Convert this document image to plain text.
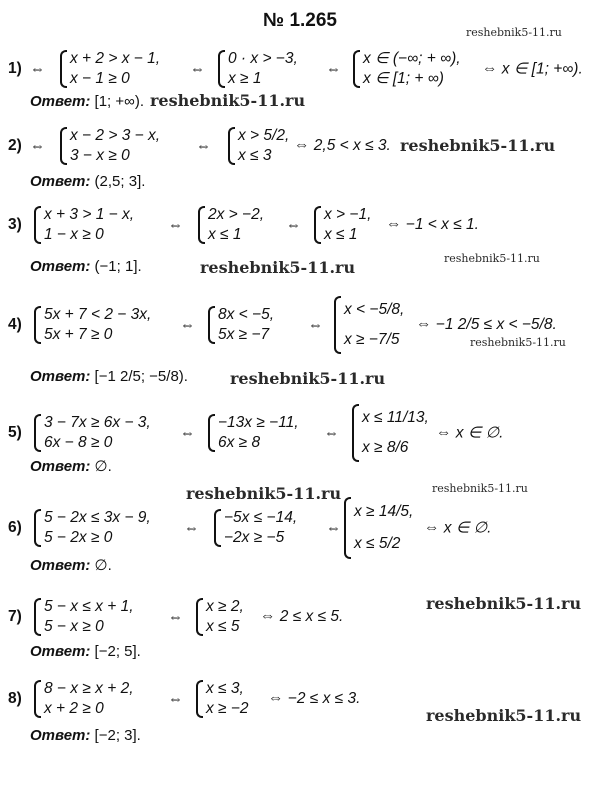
№ 1.265
1) ⇔
x + 2 > x − 1,
x − 1 ≥ 0
⇔
0 · x > −3,
x ≥ 1
⇔
x ∈ (−∞; + ∞),
x ∈ [1; + ∞)
⇔ x ∈ [1; +∞).
Ответ: [1; +∞).
2) ⇔
x − 2 > 3 − x,
3 − x ≥ 0
⇔
x > 5/2,
x ≤ 3
⇔ 2,5 < x ≤ 3.
Ответ: (2,5; 3].
3)
x + 3 > 1 − x,
1 − x ≥ 0
⇔
2x > −2,
x ≤ 1
⇔
x > −1,
x ≤ 1
⇔ −1 < x ≤ 1.
Ответ: (−1; 1].
4)
5x + 7 < 2 − 3x,
5x + 7 ≥ 0
⇔
8x < −5,
5x ≥ −7
⇔
x < −5/8,
x ≥ −7/5
⇔ −1 2/5 ≤ x < −5/8.
Ответ: [−1 2/5; −5/8).
5)
3 − 7x ≥ 6x − 3,
6x − 8 ≥ 0
⇔
−13x ≥ −11,
6x ≥ 8
⇔
x ≤ 11/13,
x ≥ 8/6
⇔ x ∈ ∅.
Ответ: ∅.
6)
5 − 2x ≤ 3x − 9,
5 − 2x ≥ 0
⇔
−5x ≤ −14,
−2x ≥ −5
⇔
x ≥ 14/5,
x ≤ 5/2
⇔ x ∈ ∅.
Ответ: ∅.
7)
5 − x ≤ x + 1,
5 − x ≥ 0
⇔
x ≥ 2,
x ≤ 5
⇔ 2 ≤ x ≤ 5.
Ответ: [−2; 5].
8)
8 − x ≥ x + 2,
x + 2 ≥ 0
⇔
x ≤ 3,
x ≥ −2
⇔ −2 ≤ x ≤ 3.
Ответ: [−2; 3].
reshebnik5-11.ru
reshebnik5-11.ru
reshebnik5-11.ru
reshebnik5-11.ru
reshebnik5-11.ru
reshebnik5-11.ru
reshebnik5-11.ru
reshebnik5-11.ru
reshebnik5-11.ru
reshebnik5-11.ru
reshebnik5-11.ru
